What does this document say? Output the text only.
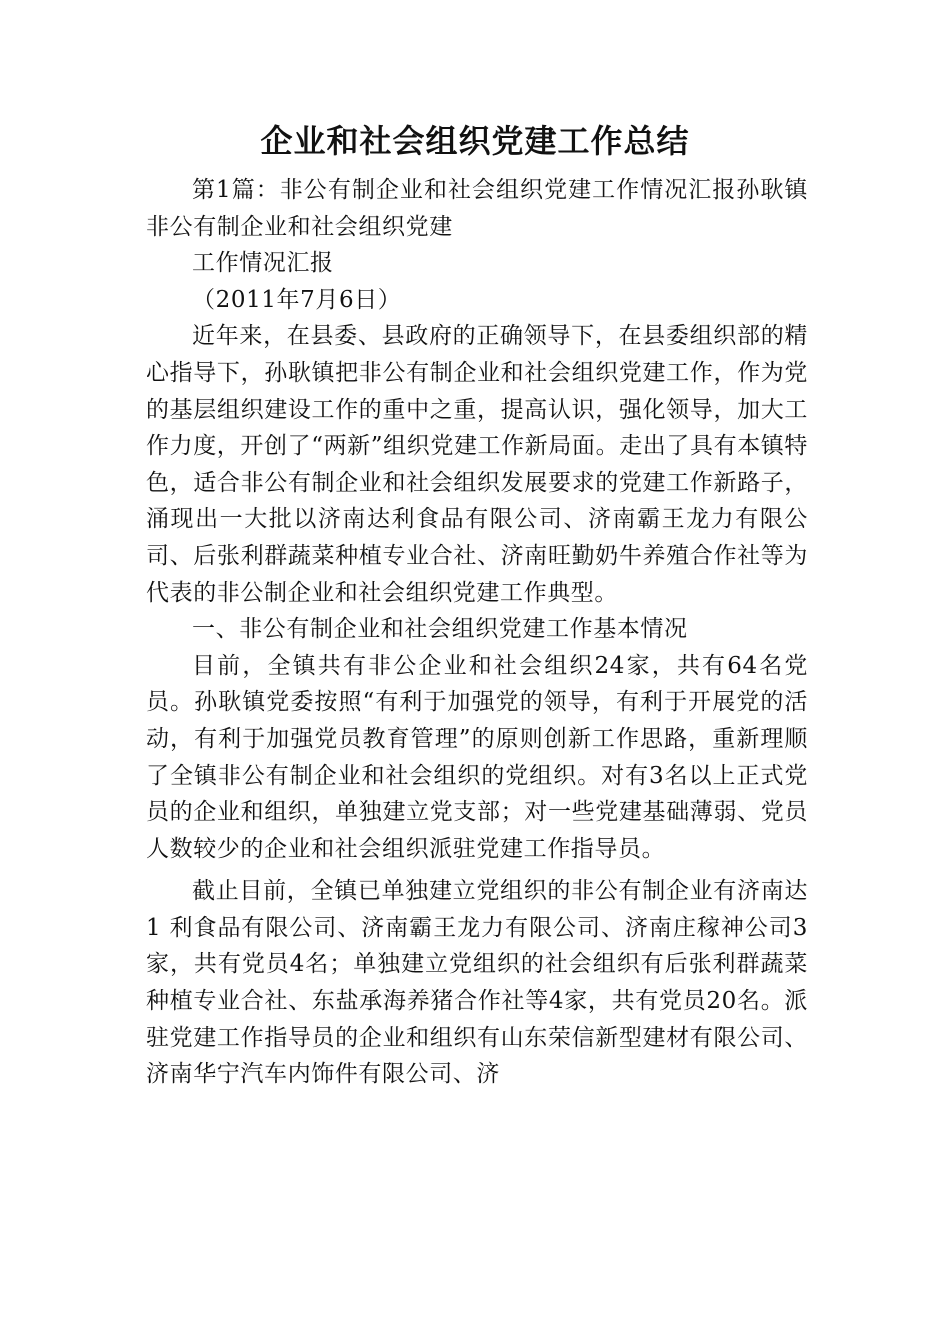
企业和社会组织党建工作总结

第1篇：非公有制企业和社会组织党建工作情况汇报孙耿镇非公有制企业和社会组织党建

工作情况汇报

（2011年7月6日）

近年来，在县委、县政府的正确领导下，在县委组织部的精心指导下，孙耿镇把非公有制企业和社会组织党建工作，作为党的基层组织建设工作的重中之重，提高认识，强化领导，加大工作力度，开创了“两新”组织党建工作新局面。走出了具有本镇特色，适合非公有制企业和社会组织发展要求的党建工作新路子，涌现出一大批以济南达利食品有限公司、济南霸王龙力有限公司、后张利群蔬菜种植专业合社、济南旺勤奶牛养殖合作社等为代表的非公制企业和社会组织党建工作典型。

一、非公有制企业和社会组织党建工作基本情况

目前，全镇共有非公企业和社会组织24家，共有64名党员。孙耿镇党委按照“有利于加强党的领导，有利于开展党的活动，有利于加强党员教育管理”的原则创新工作思路，重新理顺了全镇非公有制企业和社会组织的党组织。对有3名以上正式党员的企业和组织，单独建立党支部；对一些党建基础薄弱、党员人数较少的企业和社会组织派驻党建工作指导员。

截止目前，全镇已单独建立党组织的非公有制企业有济南达 1 利食品有限公司、济南霸王龙力有限公司、济南庄稼神公司3家，共有党员4名；单独建立党组织的社会组织有后张利群蔬菜种植专业合社、东盐承海养猪合作社等4家，共有党员20名。派驻党建工作指导员的企业和组织有山东荣信新型建材有限公司、济南华宁汽车内饰件有限公司、济
